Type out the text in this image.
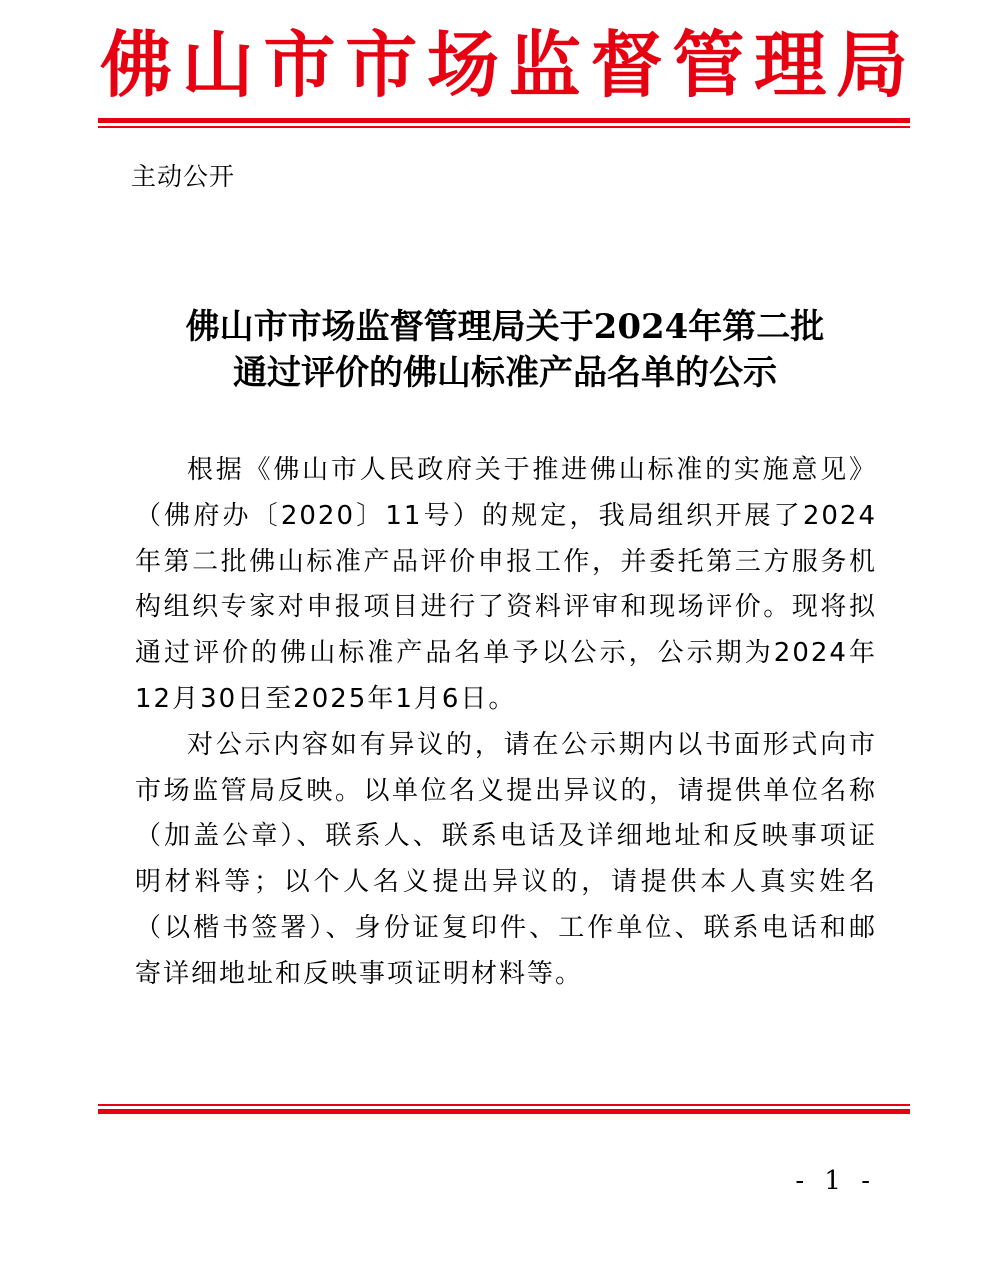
佛 山 市 市 场 监 督 管 理 局
主动公开
佛山市市场监督管理局关于2024年第二批
通过评价的佛山标准产品名单的公示

根据《佛山市人民政府关于推进佛山标准的实施意见》（佛府办〔2020〕11号）的规定，我局组织开展了2024年第二批佛山标准产品评价申报工作，并委托第三方服务机构组织专家对申报项目进行了资料评审和现场评价。现将拟通过评价的佛山标准产品名单予以公示，公示期为2024年12月30日至2025年1月6日。

对公示内容如有异议的，请在公示期内以书面形式向市市场监管局反映。以单位名义提出异议的，请提供单位名称（加盖公章）、联系人、联系电话及详细地址和反映事项证明材料等；以个人名义提出异议的，请提供本人真实姓名（以楷书签署）、身份证复印件、工作单位、联系电话和邮寄详细地址和反映事项证明材料等。

- 1 -
